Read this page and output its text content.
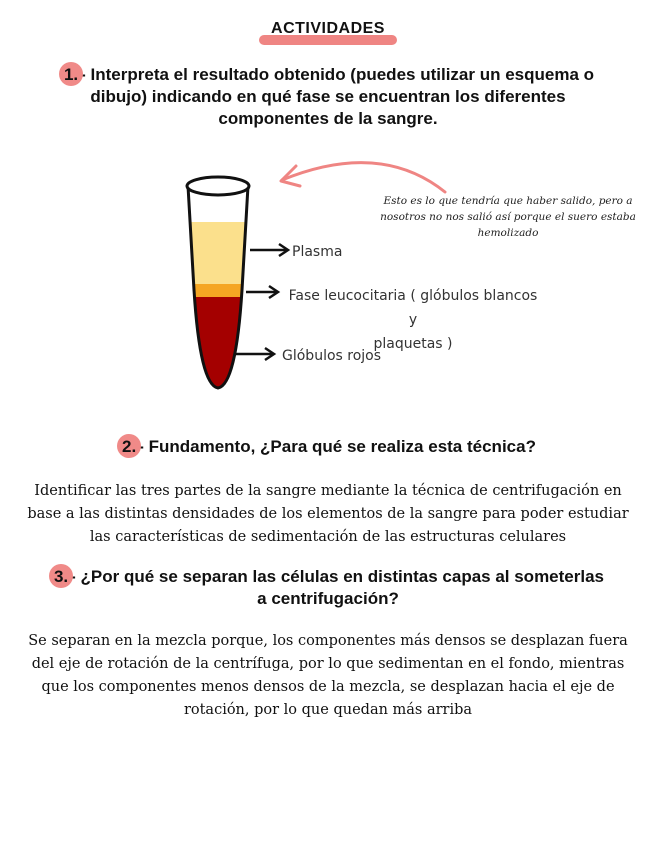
ACTIVIDADES
1. - Interpreta el resultado obtenido (puedes utilizar un esquema o
dibujo) indicando en qué fase se encuentran los diferentes
componentes de la sangre.
Esto es lo que tendría que haber salido, pero a nosotros no nos salió así porque el suero estaba hemolizado
Plasma
Fase leucocitaria ( glóbulos blancos y
plaquetas )
Glóbulos rojos
2. - Fundamento, ¿Para qué se realiza esta técnica?
Identificar las tres partes de la sangre mediante la técnica de centrifugación en base a las distintas densidades de los elementos de la sangre para poder estudiar las características de sedimentación de las estructuras celulares
3. - ¿Por qué se separan las células en distintas capas al someterlas
a centrifugación?
Se separan en la mezcla porque, los componentes más densos se desplazan fuera del eje de rotación de la centrífuga, por lo que sedimentan en el fondo, mientras que los componentes menos densos de la mezcla, se desplazan hacia el eje de rotación, por lo que quedan más arriba
